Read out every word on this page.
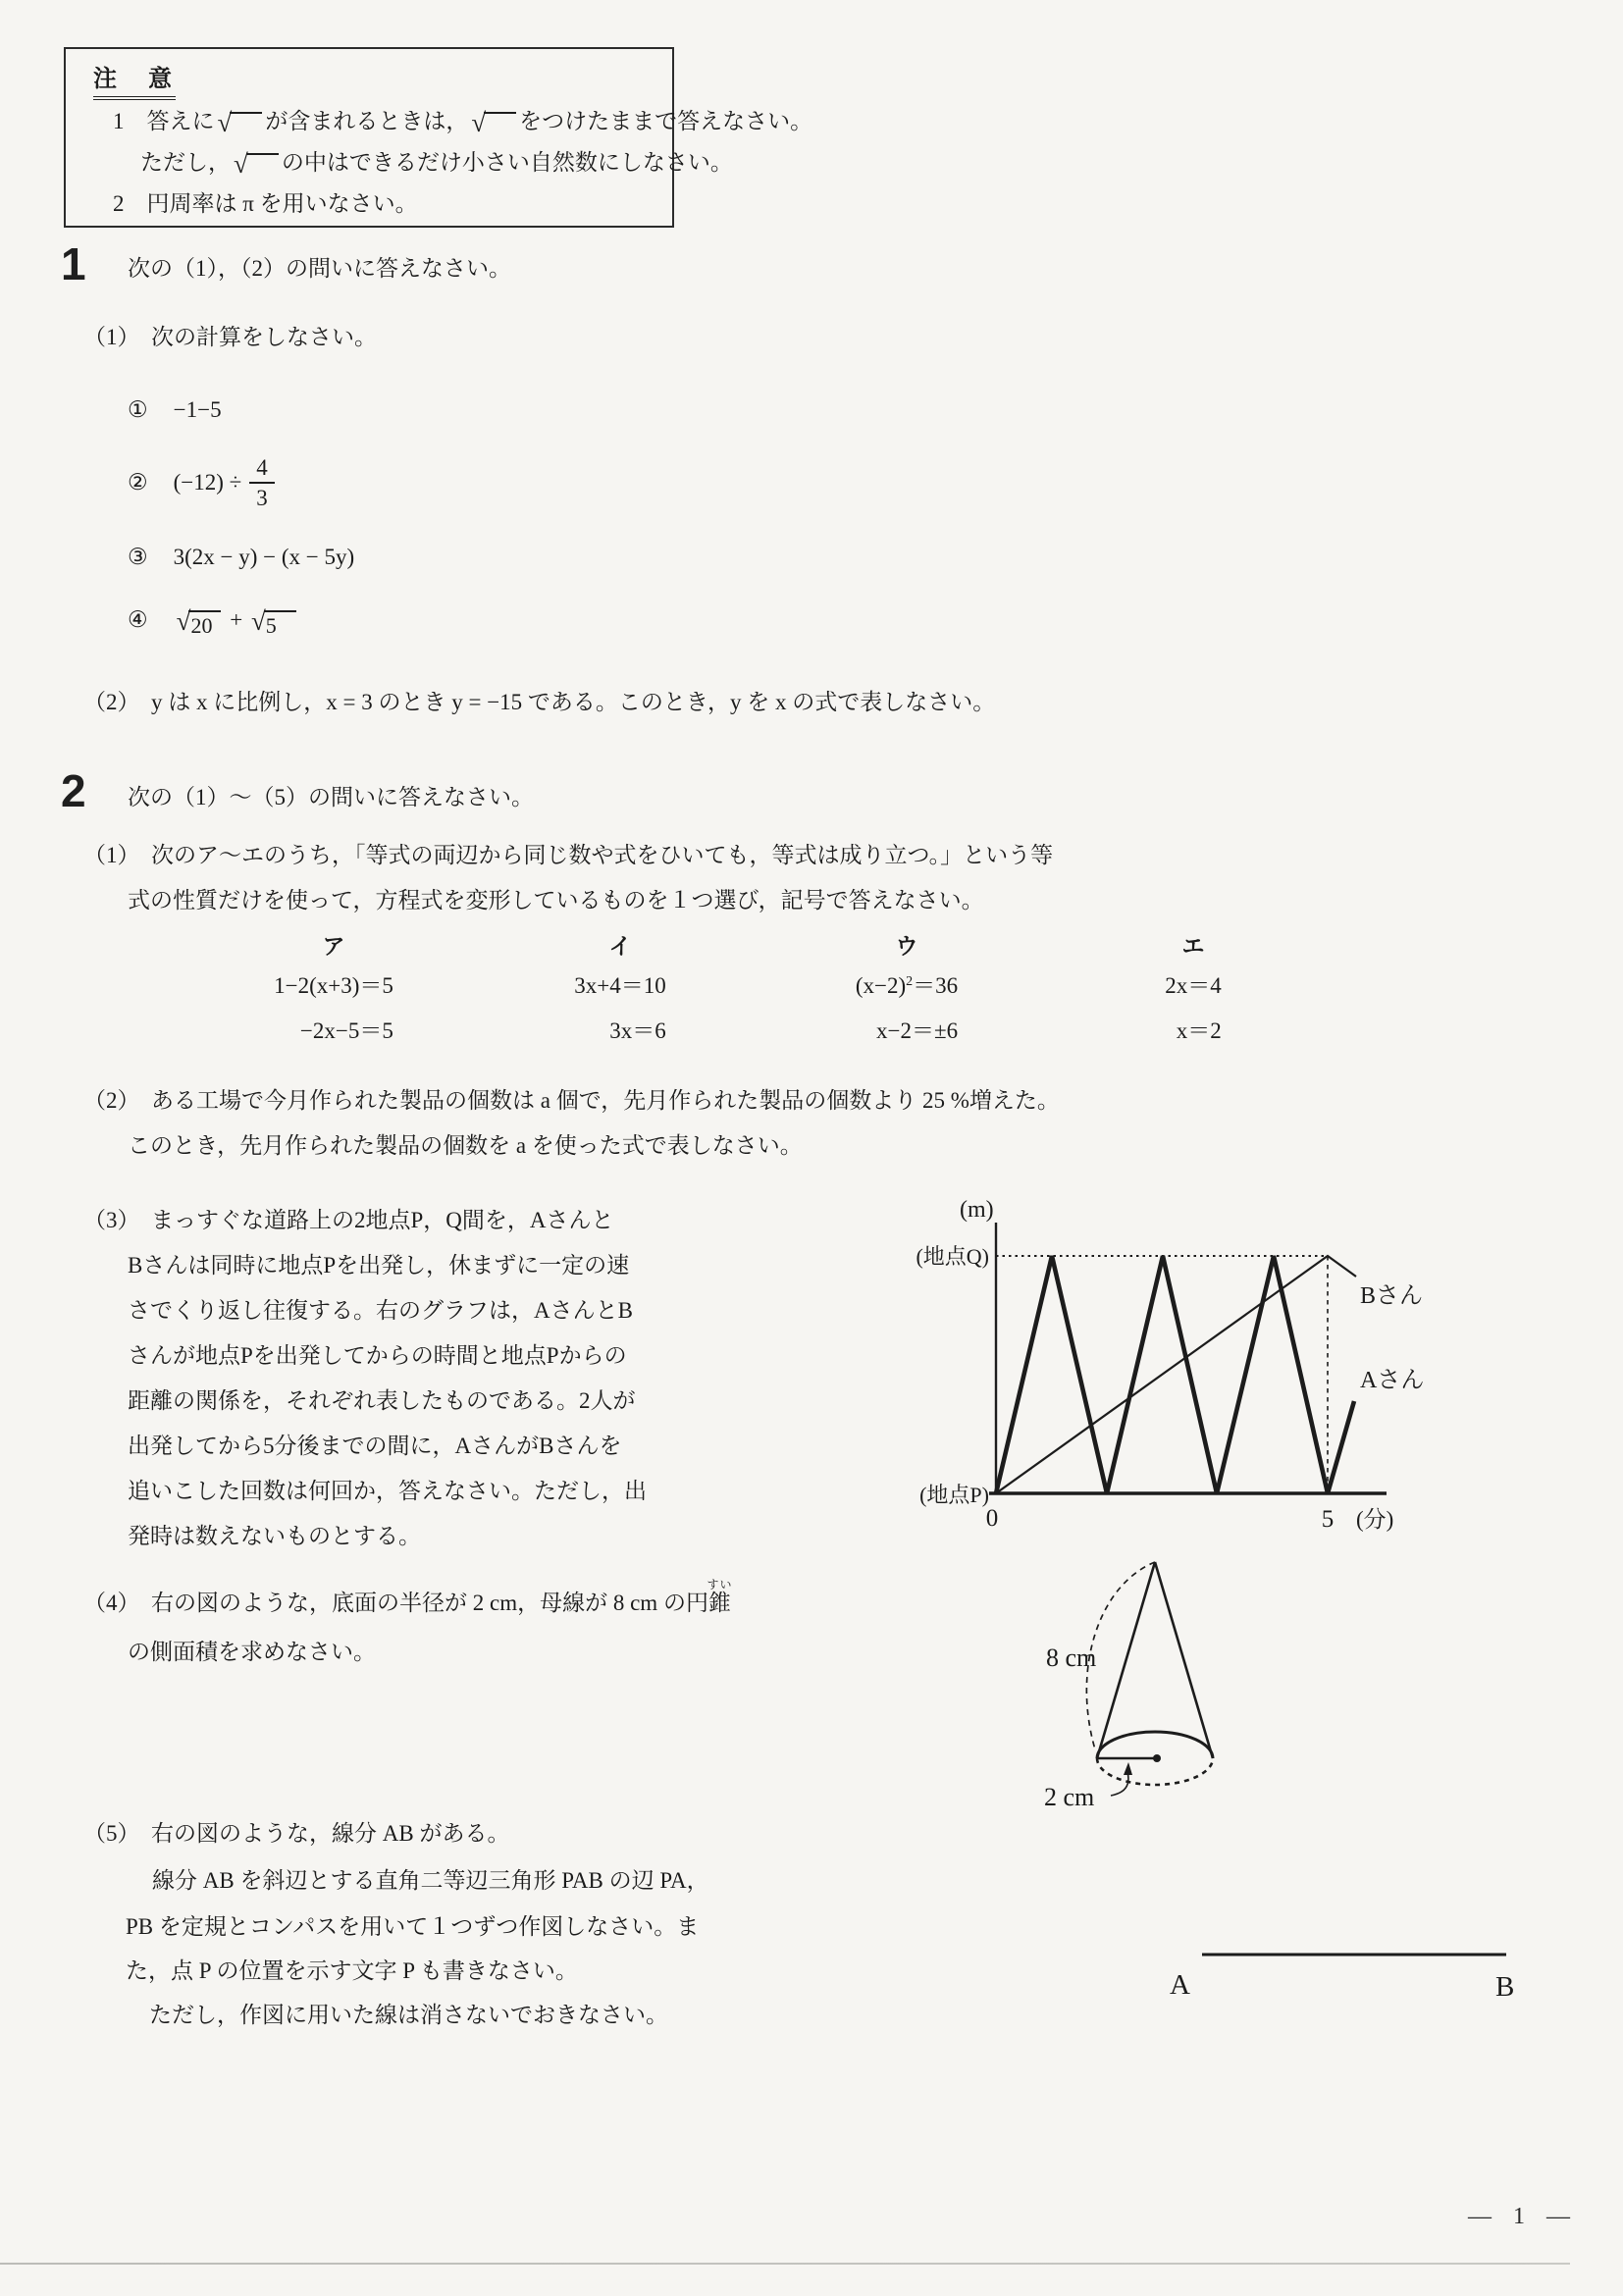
注　意
1　答えに √ が含まれるときは， √ をつけたままで答えなさい。
ただし， √ の中はできるだけ小さい自然数にしなさい。
2　円周率は π を用いなさい。
1 次の（1），（2）の問いに答えなさい。
（1）　次の計算をしなさい。
① −1−5
② $(-12) \div \frac{4}{3}$
③ 3(2x − y) − (x − 5y)
④ √ 20 + √ 5
（2）　y は x に比例し，x = 3 のとき y = −15 である。このとき，y を x の式で表しなさい。
2 次の（1）～（5）の問いに答えなさい。
（1）　次のア～エのうち，「等式の両辺から同じ数や式をひいても，等式は成り立つ。」という等
式の性質だけを使って，方程式を変形しているものを１つ選び，記号で答えなさい。
ア
1−2(x+3)＝5
−2x−5＝5
イ
3x+4＝10
3x＝6
ウ
$(x-2)^2=36$
x−2＝±6
エ
2x＝4
x＝2
（2）　ある工場で今月作られた製品の個数は a 個で，先月作られた製品の個数より 25 %増えた。
このとき，先月作られた製品の個数を a を使った式で表しなさい。
（3）　まっすぐな道路上の2地点P，Q間を，Aさんと
Bさんは同時に地点Pを出発し，休まずに一定の速
さでくり返し往復する。右のグラフは，AさんとB
さんが地点Pを出発してからの時間と地点Pからの
距離の関係を，それぞれ表したものである。2人が
出発してから5分後までの間に，AさんがBさんを
追いこした回数は何回か，答えなさい。ただし，出
発時は数えないものとする。
(m)
(地点Q)
(地点P)
0	5 (分)
Bさん
Aさん
（4）　右の図のような，底面の半径が 2 cm，母線が 8 cm の円錐すい
の側面積を求めなさい。	8 cm
2 cm
（5）　右の図のような，線分 AB がある。
線分 AB を斜辺とする直角二等辺三角形 PAB の辺 PA，
PB を定規とコンパスを用いて１つずつ作図しなさい。ま
た，点 P の位置を示す文字 P も書きなさい。
ただし，作図に用いた線は消さないでおきなさい。
A	B
— 1 —
